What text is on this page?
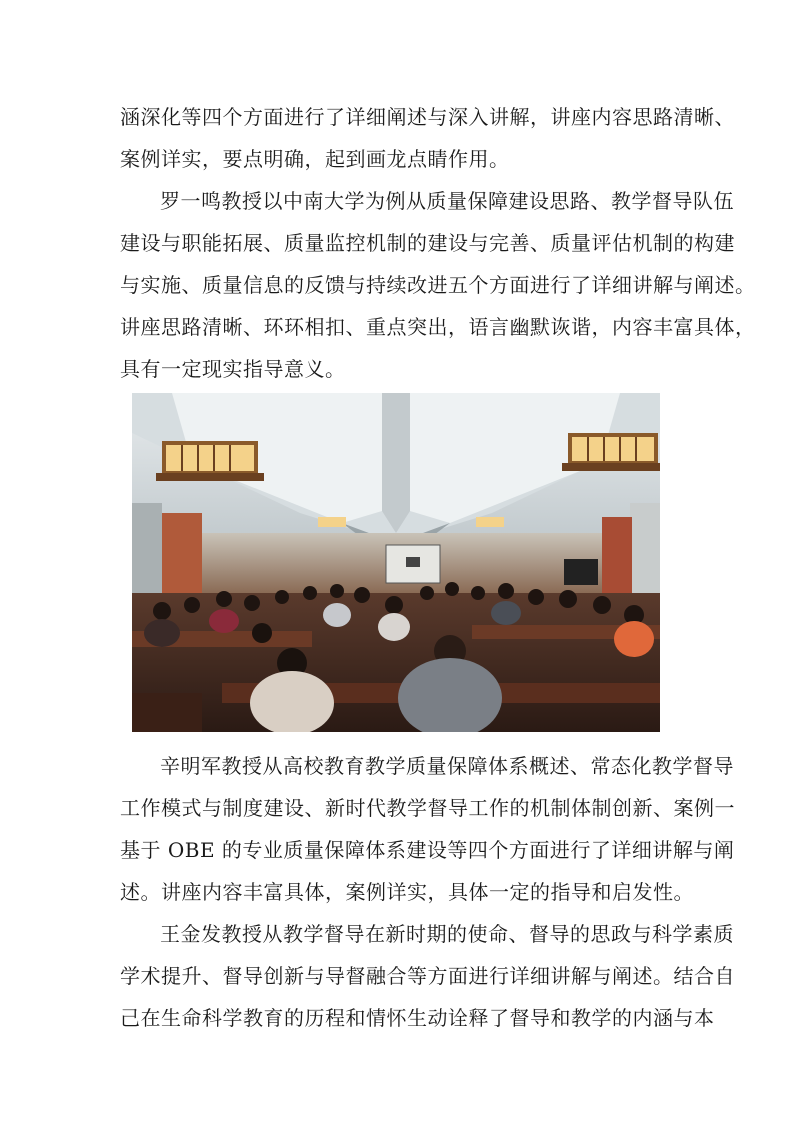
涵深化等四个方面进行了详细阐述与深入讲解，讲座内容思路清晰、
案例详实，要点明确，起到画龙点睛作用。
罗一鸣教授以中南大学为例从质量保障建设思路、教学督导队伍
建设与职能拓展、质量监控机制的建设与完善、质量评估机制的构建
与实施、质量信息的反馈与持续改进五个方面进行了详细讲解与阐述。
讲座思路清晰、环环相扣、重点突出，语言幽默诙谐，内容丰富具体，
具有一定现实指导意义。
辛明军教授从高校教育教学质量保障体系概述、常态化教学督导
工作模式与制度建设、新时代教学督导工作的机制体制创新、案例一
基于 OBE 的专业质量保障体系建设等四个方面进行了详细讲解与阐
述。讲座内容丰富具体，案例详实，具体一定的指导和启发性。
王金发教授从教学督导在新时期的使命、督导的思政与科学素质
学术提升、督导创新与导督融合等方面进行详细讲解与阐述。结合自
己在生命科学教育的历程和情怀生动诠释了督导和教学的内涵与本
